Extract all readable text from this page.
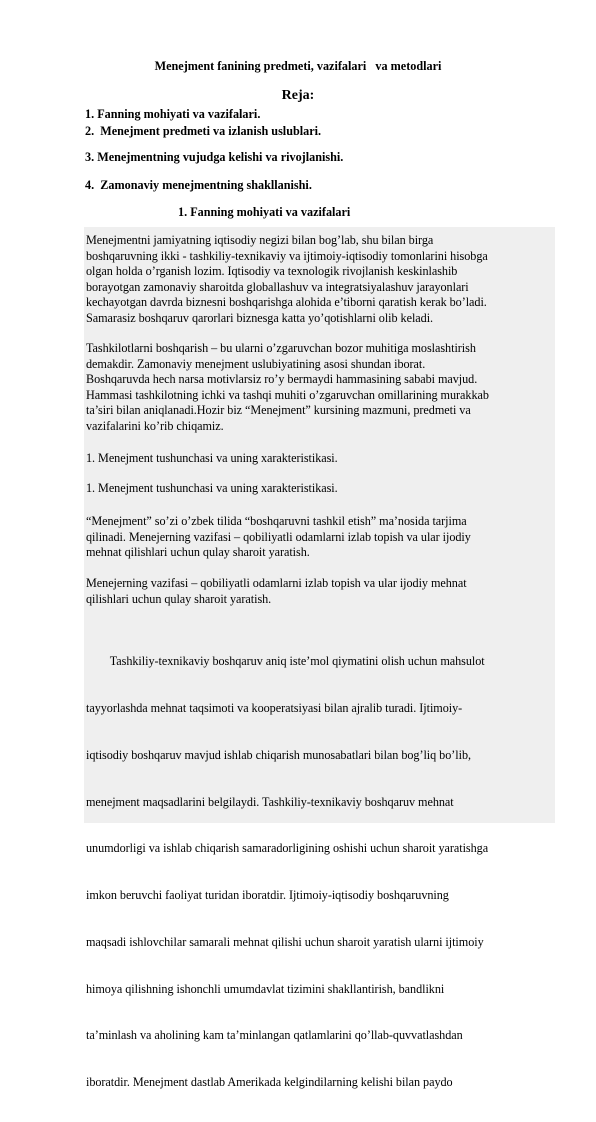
Menejment fanining predmeti, vazifalari   va metodlari
Reja:
1. Fanning mohiyati va vazifalari.
2.  Menejment predmeti va izlanish uslublari.
3. Menejmentning vujudga kelishi va rivojlanishi.
4.  Zamonaviy menejmentning shakllanishi.
1. Fanning mohiyati va vazifalari
Menejmentni jamiyatning iqtisodiy negizi bilan bog’lab, shu bilan birga
boshqaruvning ikki - tashkiliy-texnikaviy va ijtimoiy-iqtisodiy tomonlarini hisobga
olgan holda o’rganish lozim. Iqtisodiy va texnologik rivojlanish keskinlashib
borayotgan zamonaviy sharoitda globallashuv va integratsiyalashuv jarayonlari
kechayotgan davrda biznesni boshqarishga alohida e’tiborni qaratish kerak bo’ladi.
Samarasiz boshqaruv qarorlari biznesga katta yo’qotishlarni olib keladi.
Tashkilotlarni boshqarish – bu ularni o’zgaruvchan bozor muhitiga moslashtirish
demakdir. Zamonaviy menejment uslubiyatining asosi shundan iborat.
Boshqaruvda hech narsa motivlarsiz ro’y bermaydi hammasining sababi mavjud.
Hammasi tashkilotning ichki va tashqi muhiti o’zgaruvchan omillarining murakkab
ta’siri bilan aniqlanadi.Hozir biz “Menejment” kursining mazmuni, predmeti va
vazifalarini ko’rib chiqamiz.
1. Menejment tushunchasi va uning xarakteristikasi.
1. Menejment tushunchasi va uning xarakteristikasi.
“Menejment” so’zi o’zbek tilida “boshqaruvni tashkil etish” ma’nosida tarjima
qilinadi. Menejerning vazifasi – qobiliyatli odamlarni izlab topish va ular ijodiy
mehnat qilishlari uchun qulay sharoit yaratish.
Menejerning vazifasi – qobiliyatli odamlarni izlab topish va ular ijodiy mehnat
qilishlari uchun qulay sharoit yaratish.

Tashkiliy-texnikaviy boshqaruv aniq iste’mol qiymatini olish uchun mahsulot

tayyorlashda mehnat taqsimoti va kooperatsiyasi bilan ajralib turadi. Ijtimoiy-

iqtisodiy boshqaruv mavjud ishlab chiqarish munosabatlari bilan bog’liq bo’lib,

menejment maqsadlarini belgilaydi. Tashkiliy-texnikaviy boshqaruv mehnat

unumdorligi va ishlab chiqarish samaradorligining oshishi uchun sharoit yaratishga

imkon beruvchi faoliyat turidan iboratdir. Ijtimoiy-iqtisodiy boshqaruvning

maqsadi ishlovchilar samarali mehnat qilishi uchun sharoit yaratish ularni ijtimoiy

himoya qilishning ishonchli umumdavlat tizimini shakllantirish, bandlikni

ta’minlash va aholining kam ta’minlangan qatlamlarini qo’llab-quvvatlashdan

iboratdir. Menejment dastlab Amerikada kelgindilarning kelishi bilan paydo
